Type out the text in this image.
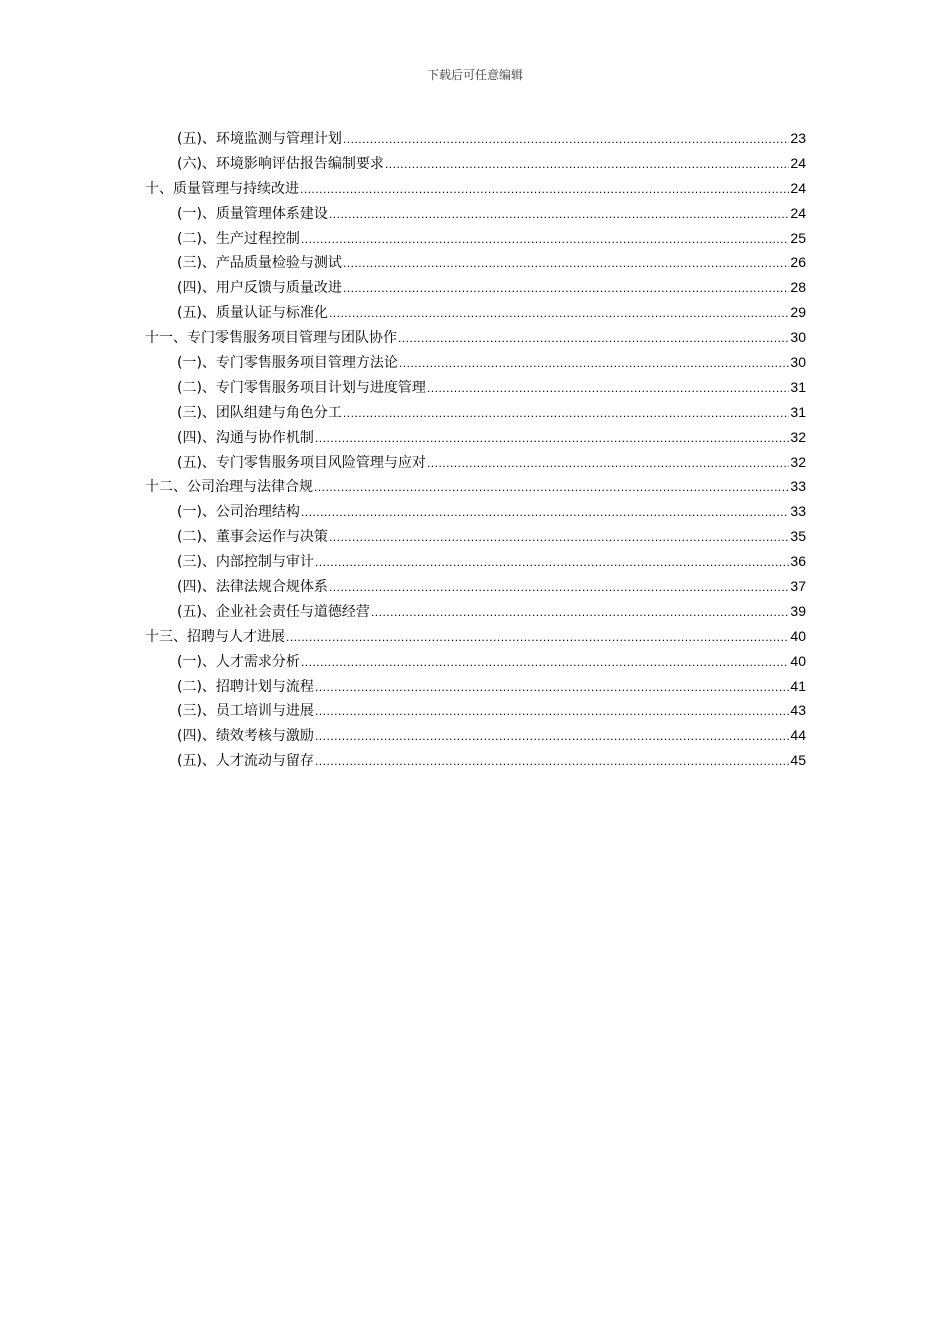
下载后可任意编辑
(五)、环境监测与管理计划 .....	23
(六)、环境影响评估报告编制要求 .....	24
十、质量管理与持续改进 .....	24
(一)、质量管理体系建设 .....	24
(二)、生产过程控制 .....	25
(三)、产品质量检验与测试 .....	26
(四)、用户反馈与质量改进 .....	28
(五)、质量认证与标准化 .....	29
十一、专门零售服务项目管理与团队协作 .....	30
(一)、专门零售服务项目管理方法论 .....	30
(二)、专门零售服务项目计划与进度管理 .....	31
(三)、团队组建与角色分工 .....	31
(四)、沟通与协作机制 .....	32
(五)、专门零售服务项目风险管理与应对 .....	32
十二、公司治理与法律合规 .....	33
(一)、公司治理结构 .....	33
(二)、董事会运作与决策 .....	35
(三)、内部控制与审计 .....	36
(四)、法律法规合规体系 .....	37
(五)、企业社会责任与道德经营 .....	39
十三、招聘与人才进展 .....	40
(一)、人才需求分析 .....	40
(二)、招聘计划与流程 .....	41
(三)、员工培训与进展 .....	43
(四)、绩效考核与激励 .....	44
(五)、人才流动与留存 .....	45
